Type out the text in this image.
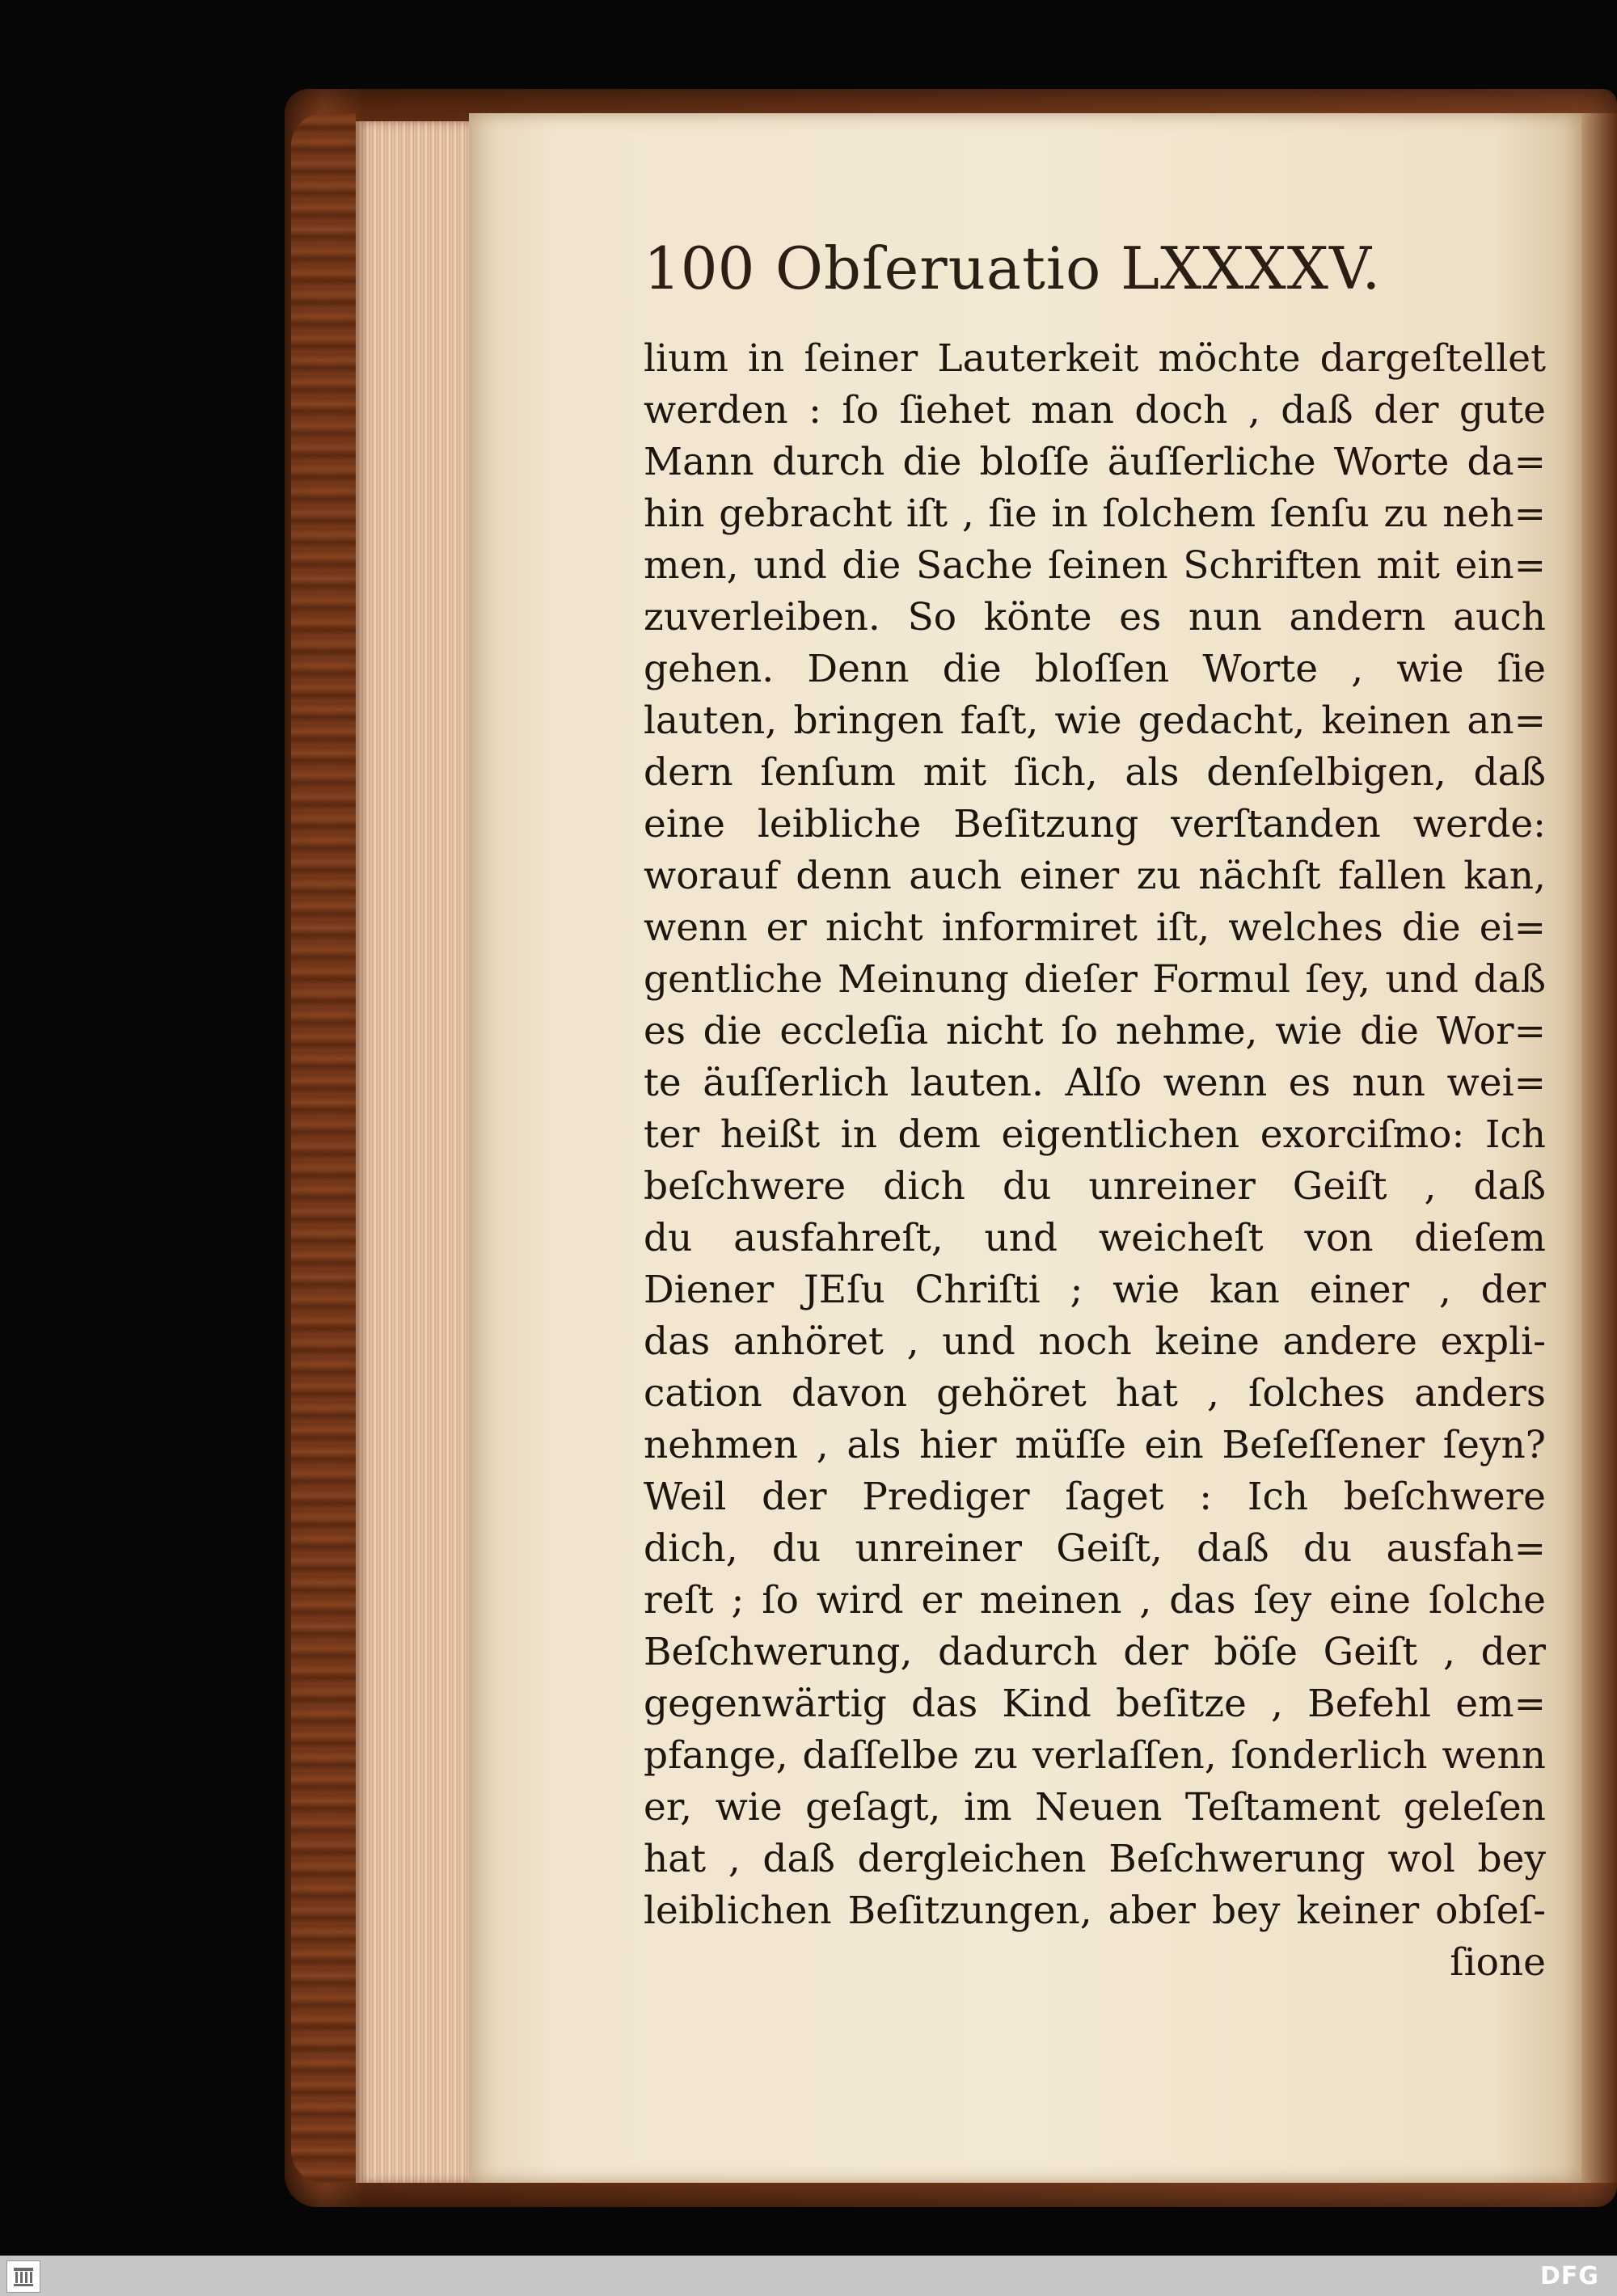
100 Obſeruatio LXXXXV.
lium in ſeiner Lauterkeit möchte dargeſtellet
werden : ſo ſiehet man doch , daß der gute
Mann durch die bloſſe äuſſerliche Worte da=
hin gebracht iſt , ſie in ſolchem ſenſu zu neh=
men, und die Sache ſeinen Schriften mit ein=
zuverleiben. So könte es nun andern auch
gehen. Denn die bloſſen Worte , wie ſie
lauten, bringen faſt, wie gedacht, keinen an=
dern ſenſum mit ſich, als denſelbigen, daß
eine leibliche Beſitzung verſtanden werde:
worauf denn auch einer zu nächſt fallen kan,
wenn er nicht informiret iſt, welches die ei=
gentliche Meinung dieſer Formul ſey, und daß
es die eccleſia nicht ſo nehme, wie die Wor=
te äuſſerlich lauten. Alſo wenn es nun wei=
ter heißt in dem eigentlichen exorciſmo: Ich
beſchwere dich du unreiner Geiſt , daß
du ausfahreſt, und weicheſt von dieſem
Diener JEſu Chriſti ; wie kan einer , der
das anhöret , und noch keine andere expli-
cation davon gehöret hat , ſolches anders
nehmen , als hier müſſe ein Beſeſſener ſeyn?
Weil der Prediger ſaget : Ich beſchwere
dich, du unreiner Geiſt, daß du ausfah=
reſt ; ſo wird er meinen , das ſey eine ſolche
Beſchwerung, dadurch der böſe Geiſt , der
gegenwärtig das Kind beſitze , Befehl em=
pfange, daſſelbe zu verlaſſen, ſonderlich wenn
er, wie geſagt, im Neuen Teſtament geleſen
hat , daß dergleichen Beſchwerung wol bey
leiblichen Beſitzungen, aber bey keiner obſeſ-
ſione
DFG
